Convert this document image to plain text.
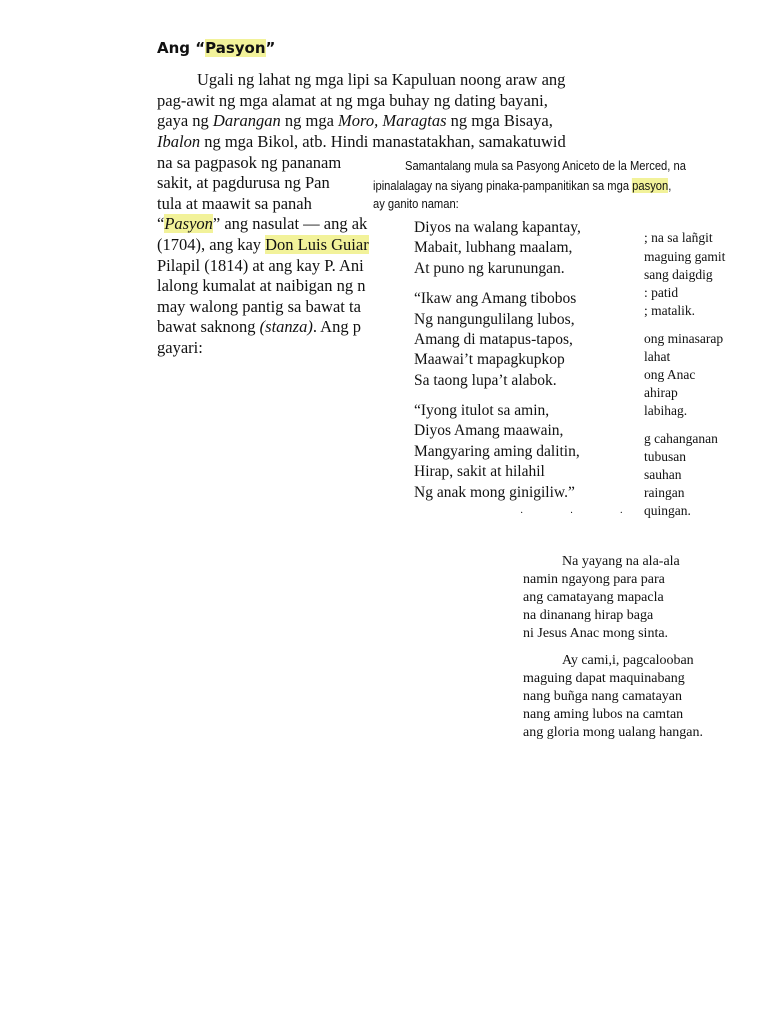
Ang “Pasyon”
Ugali ng lahat ng mga lipi sa Kapuluan noong araw ang
pag-awit ng mga alamat at ng mga buhay ng dating bayani,
gaya ng Darangan ng mga Moro, Maragtas ng mga Bisaya,
Ibalon ng mga Bikol, atb. Hindi manastatakhan, samakatuwid
na sa pagpasok ng pananam
sakit, at pagdurusa ng Pan
tula at maawit sa panah
“Pasyon” ang nasulat — ang ak
(1704), ang kay Don Luis Guiar
Pilapil (1814) at ang kay P. Ani
lalong kumalat at naibigan ng n
may walong pantig sa bawat ta
bawat saknong (stanza). Ang p
gayari:
Samantalang mula sa Pasyong Aniceto de la Merced, na
ipinalalagay na siyang pinaka-pampanitikan sa mga pasyon,
ay ganito naman:
Diyos na walang kapantay,
Mabait, lubhang maalam,
At puno ng karunungan.
“Ikaw ang Amang tibobos
Ng nangungulilang lubos,
Amang di matapus-tapos,
Maawai’t mapagkupkop
Sa taong lupa’t alabok.
“Iyong itulot sa amin,
Diyos Amang maawain,
Mangyaring aming dalitin,
Hirap, sakit at hilahil
Ng anak mong ginigiliw.”
· · ·
; na sa lañgit
maguing gamit
sang daigdig
: patid
; matalik.
ong minasarap
lahat
ong Anac
ahirap
labihag.
g cahanganan
tubusan
sauhan
raingan
quingan.
Na yayang na ala-ala
namin ngayong para para
ang camatayang mapacla
na dinanang hirap baga
ni Jesus Anac mong sinta.
Ay cami,i, pagcalooban
maguing dapat maquinabang
nang buñga nang camatayan
nang aming lubos na camtan
ang gloria mong ualang hangan.
